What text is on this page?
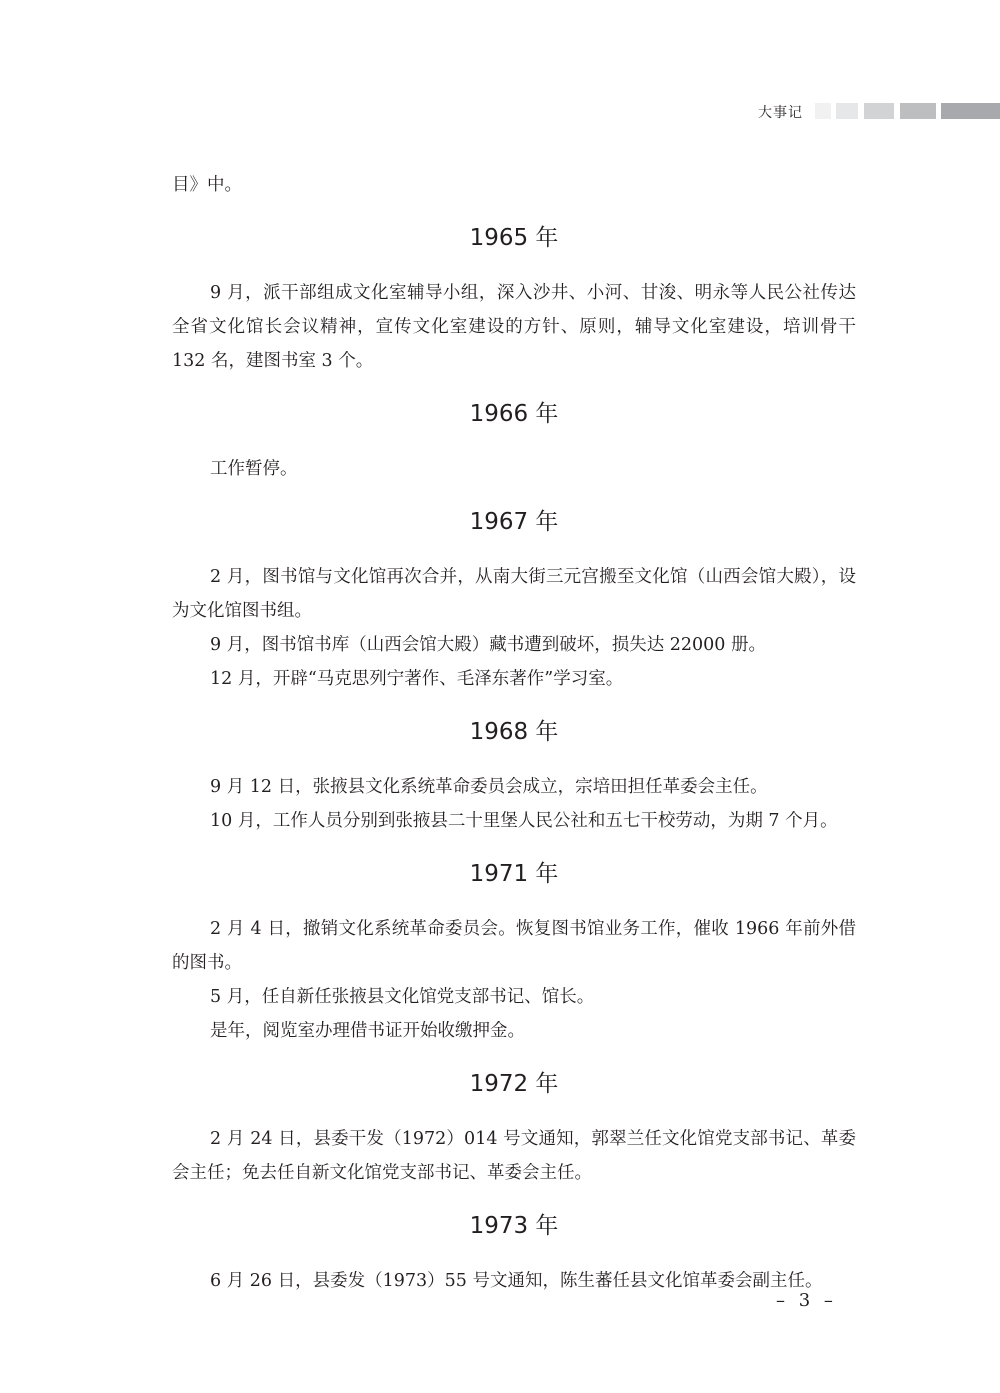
大事记

目》中。

1965 年

9 月，派干部组成文化室辅导小组，深入沙井、小河、甘浚、明永等人民公社传达全省文化馆长会议精神，宣传文化室建设的方针、原则，辅导文化室建设，培训骨干 132 名，建图书室 3 个。

1966 年

工作暂停。

1967 年

2 月，图书馆与文化馆再次合并，从南大街三元宫搬至文化馆（山西会馆大殿），设为文化馆图书组。

9 月，图书馆书库（山西会馆大殿）藏书遭到破坏，损失达 22000 册。

12 月，开辟“马克思列宁著作、毛泽东著作”学习室。

1968 年

9 月 12 日，张掖县文化系统革命委员会成立，宗培田担任革委会主任。

10 月，工作人员分别到张掖县二十里堡人民公社和五七干校劳动，为期 7 个月。

1971 年

2 月 4 日，撤销文化系统革命委员会。恢复图书馆业务工作，催收 1966 年前外借的图书。

5 月，任自新任张掖县文化馆党支部书记、馆长。

是年，阅览室办理借书证开始收缴押金。

1972 年

2 月 24 日，县委干发（1972）014 号文通知，郭翠兰任文化馆党支部书记、革委会主任；免去任自新文化馆党支部书记、革委会主任。

1973 年

6 月 26 日，县委发（1973）55 号文通知，陈生蕃任县文化馆革委会副主任。

– 3 –
